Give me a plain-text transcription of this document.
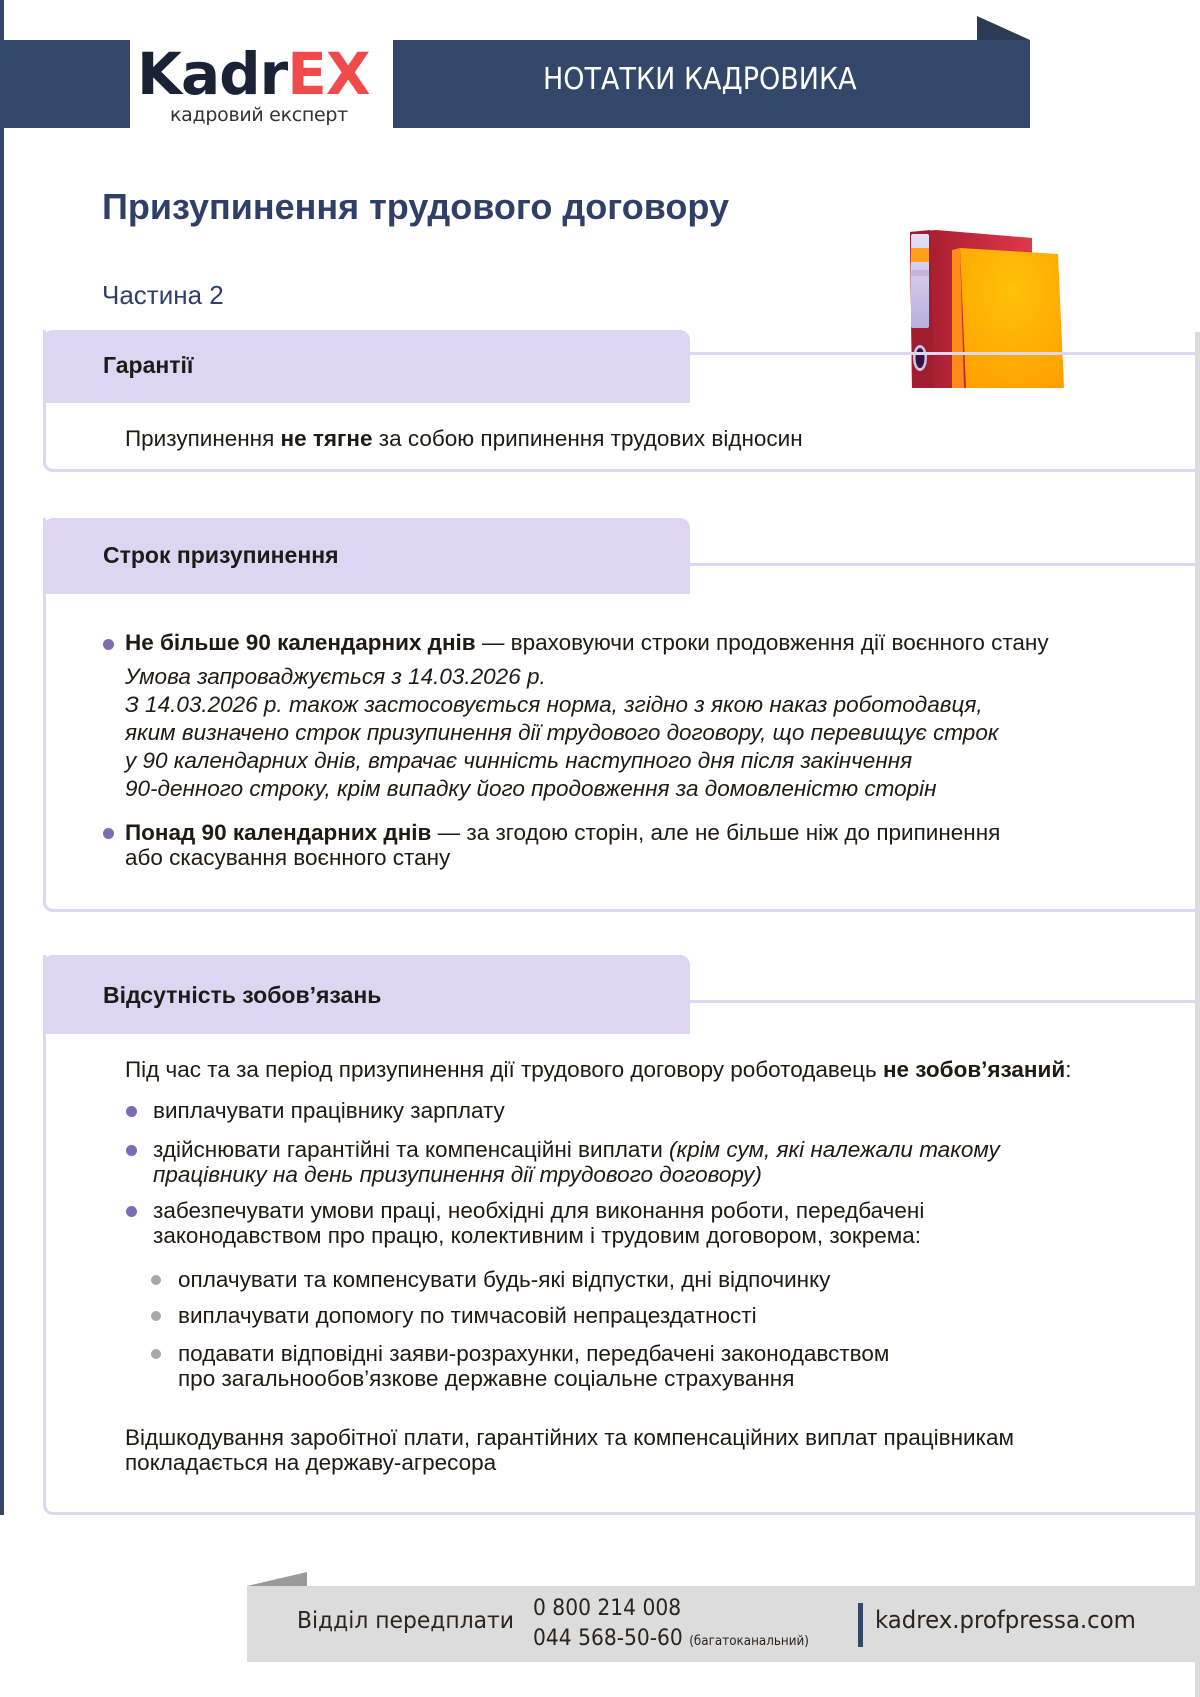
KadrEX
кадровий експерт
НОТАТКИ КАДРОВИКА
Призупинення трудового договору
Частина 2
Гарантії
Призупинення не тягне за собою припинення трудових відносин
Строк призупинення
Не більше 90 календарних днів — враховуючи строки продовження дії воєнного стану
Умова запроваджується з 14.03.2026 р.
З 14.03.2026 р. також застосовується норма, згідно з якою наказ роботодавця,
яким визначено строк призупинення дії трудового договору, що перевищує строк
у 90 календарних днів, втрачає чинність наступного дня після закінчення
90-денного строку, крім випадку його продовження за домовленістю сторін
Понад 90 календарних днів — за згодою сторін, але не більше ніж до припинення
або скасування воєнного стану
Відсутність зобов’язань
Під час та за період призупинення дії трудового договору роботодавець не зобов’язаний:
виплачувати працівнику зарплату
здійснювати гарантійні та компенсаційні виплати (крім сум, які належали такому
працівнику на день призупинення дії трудового договору)
забезпечувати умови праці, необхідні для виконання роботи, передбачені
законодавством про працю, колективним і трудовим договором, зокрема:
оплачувати та компенсувати будь-які відпустки, дні відпочинку
виплачувати допомогу по тимчасовій непрацездатності
подавати відповідні заяви-розрахунки, передбачені законодавством
про загальнообов’язкове державне соціальне страхування
Відшкодування заробітної плати, гарантійних та компенсаційних виплат працівникам
покладається на державу-агресора
Відділ передплати 0 800 214 008
044 568-50-60 (багатоканальний)
kadrex.profpressa.com
